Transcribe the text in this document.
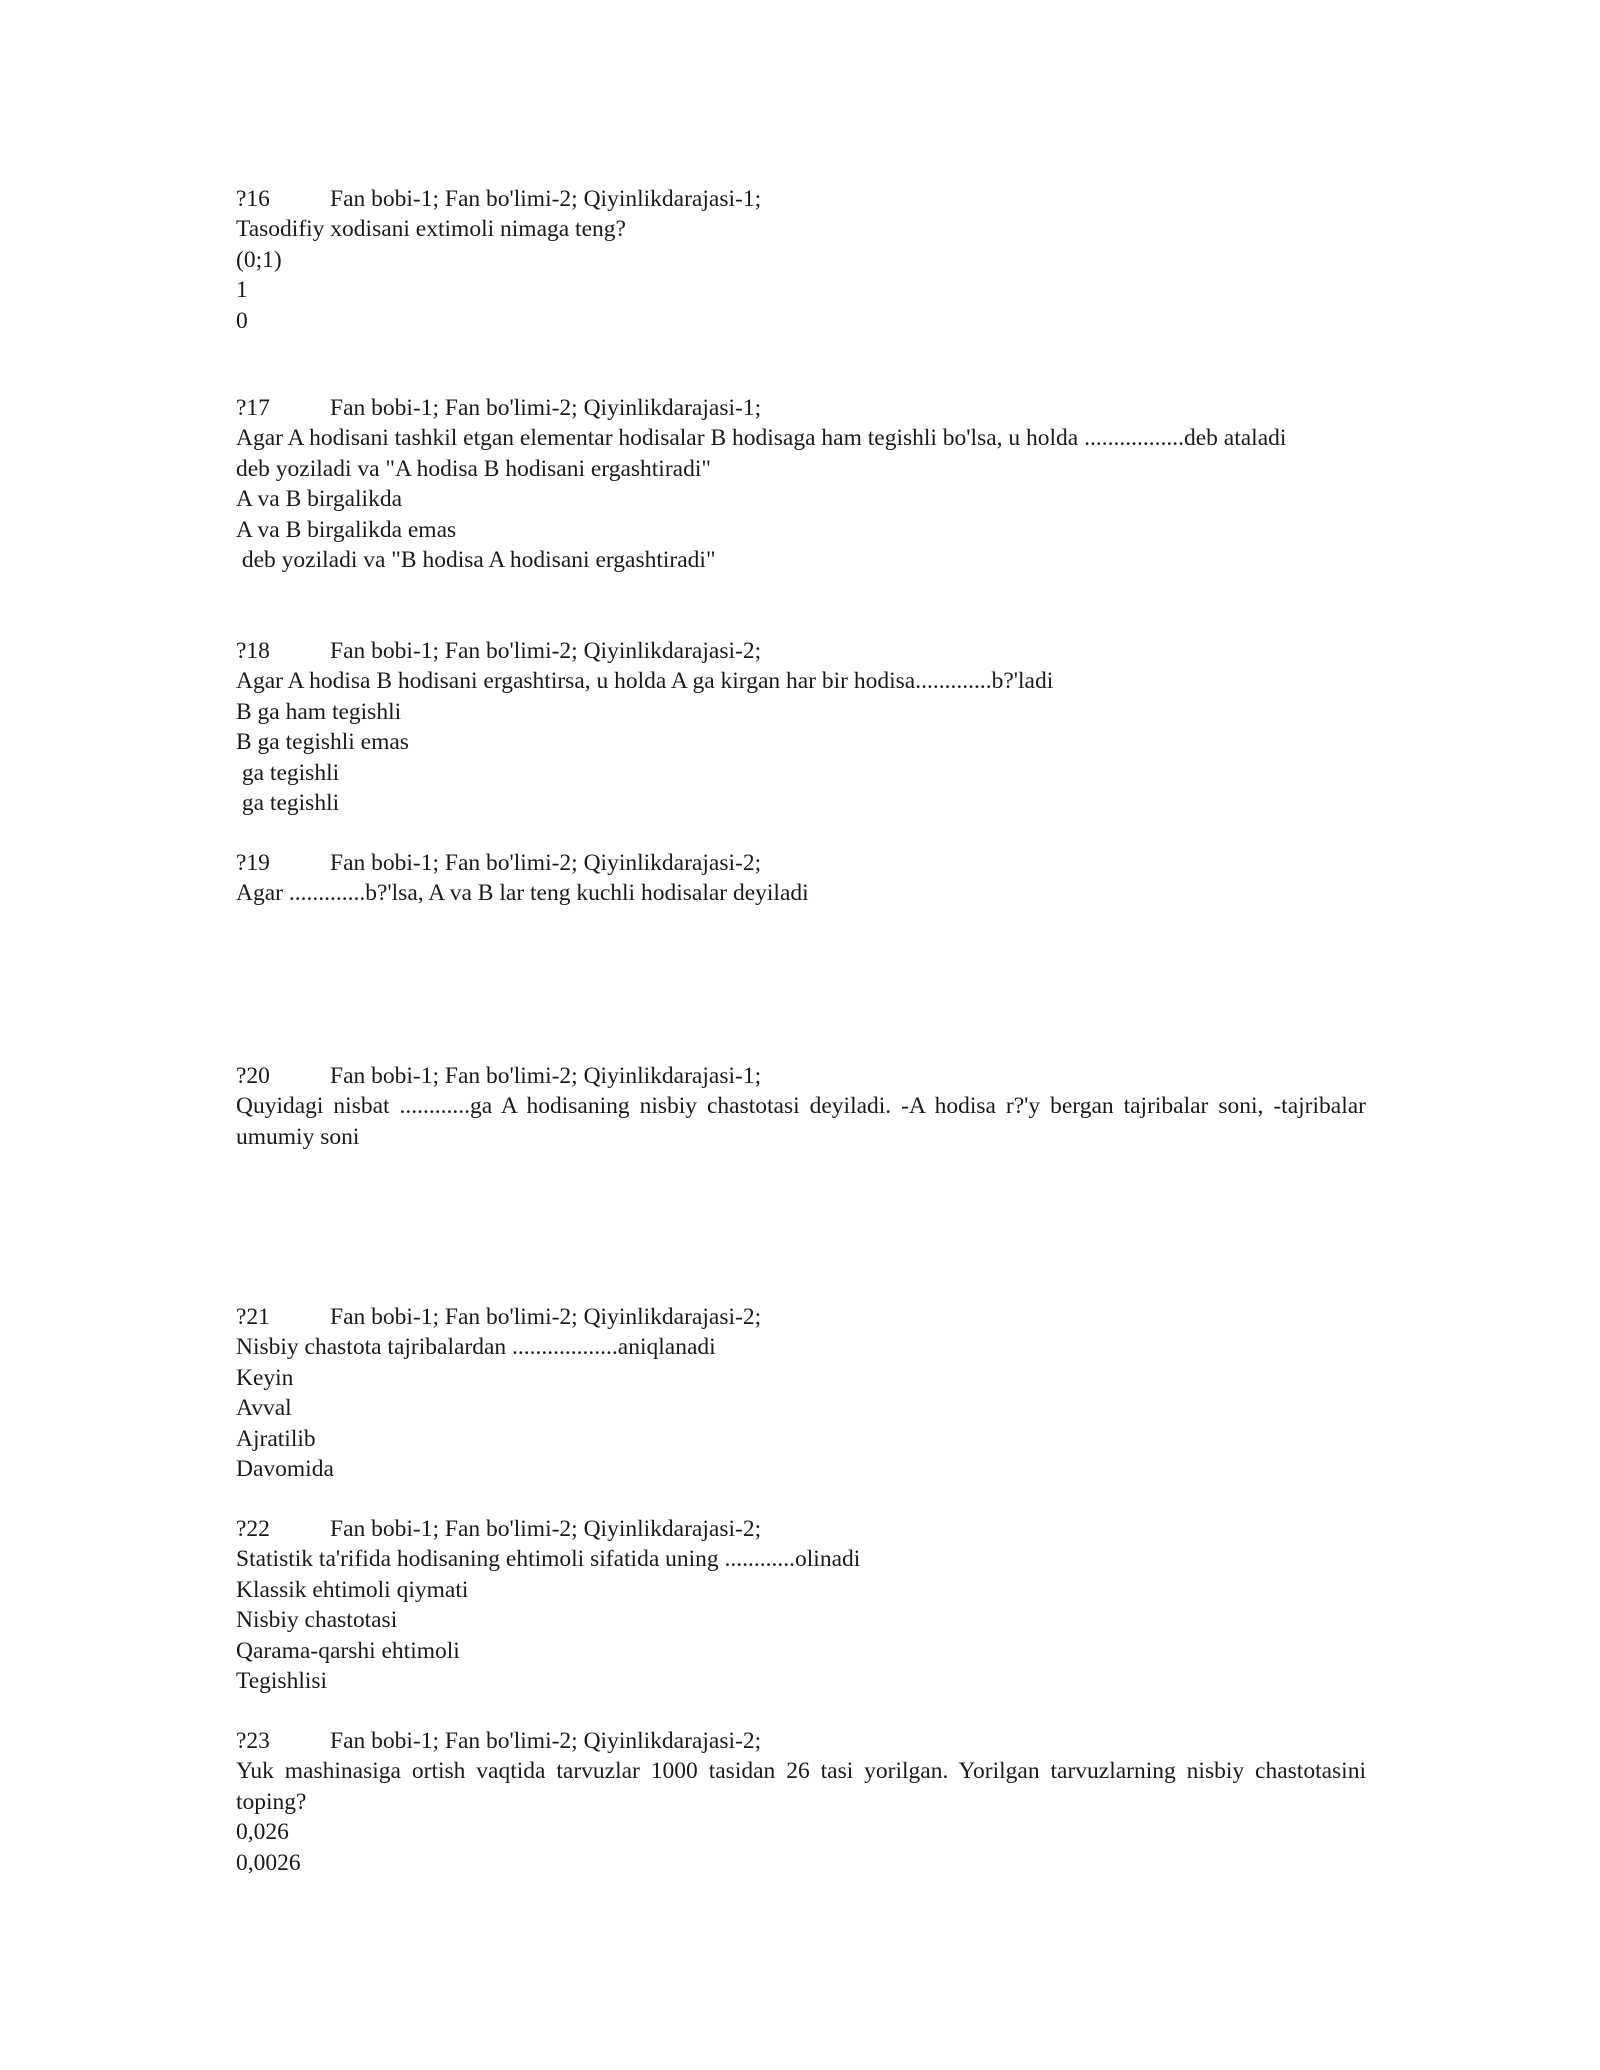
?16	Fan bobi-1; Fan bo'limi-2; Qiyinlikdarajasi-1;
Tasodifiy xodisani extimoli nimaga teng?
(0;1)
1
0
?17	Fan bobi-1; Fan bo'limi-2; Qiyinlikdarajasi-1;
Agar A hodisani tashkil etgan elementar hodisalar B hodisaga ham tegishli bo'lsa, u holda .................deb ataladi
deb yoziladi va "A hodisa B hodisani ergashtiradi"
A va B birgalikda
A va B birgalikda emas
deb yoziladi va "B hodisa A hodisani ergashtiradi"
?18	Fan bobi-1; Fan bo'limi-2; Qiyinlikdarajasi-2;
Agar A hodisa B hodisani ergashtirsa, u holda A ga kirgan har bir hodisa.............b?'ladi
B ga ham tegishli
B ga tegishli emas
ga tegishli
ga tegishli
?19	Fan bobi-1; Fan bo'limi-2; Qiyinlikdarajasi-2;
Agar .............b?'lsa, A va B lar teng kuchli hodisalar deyiladi
?20	Fan bobi-1; Fan bo'limi-2; Qiyinlikdarajasi-1;
Quyidagi nisbat ............ga A hodisaning nisbiy chastotasi deyiladi. -A hodisa r?'y bergan tajribalar soni, -tajribalar umumiy soni
?21	Fan bobi-1; Fan bo'limi-2; Qiyinlikdarajasi-2;
Nisbiy chastota tajribalardan ..................aniqlanadi
Keyin
Avval
Ajratilib
Davomida
?22	Fan bobi-1; Fan bo'limi-2; Qiyinlikdarajasi-2;
Statistik ta'rifida hodisaning ehtimoli sifatida uning ............olinadi
Klassik ehtimoli qiymati
Nisbiy chastotasi
Qarama-qarshi ehtimoli
Tegishlisi
?23	Fan bobi-1; Fan bo'limi-2; Qiyinlikdarajasi-2;
Yuk mashinasiga ortish vaqtida tarvuzlar 1000 tasidan 26 tasi yorilgan. Yorilgan tarvuzlarning nisbiy chastotasini toping?
0,026
0,0026
